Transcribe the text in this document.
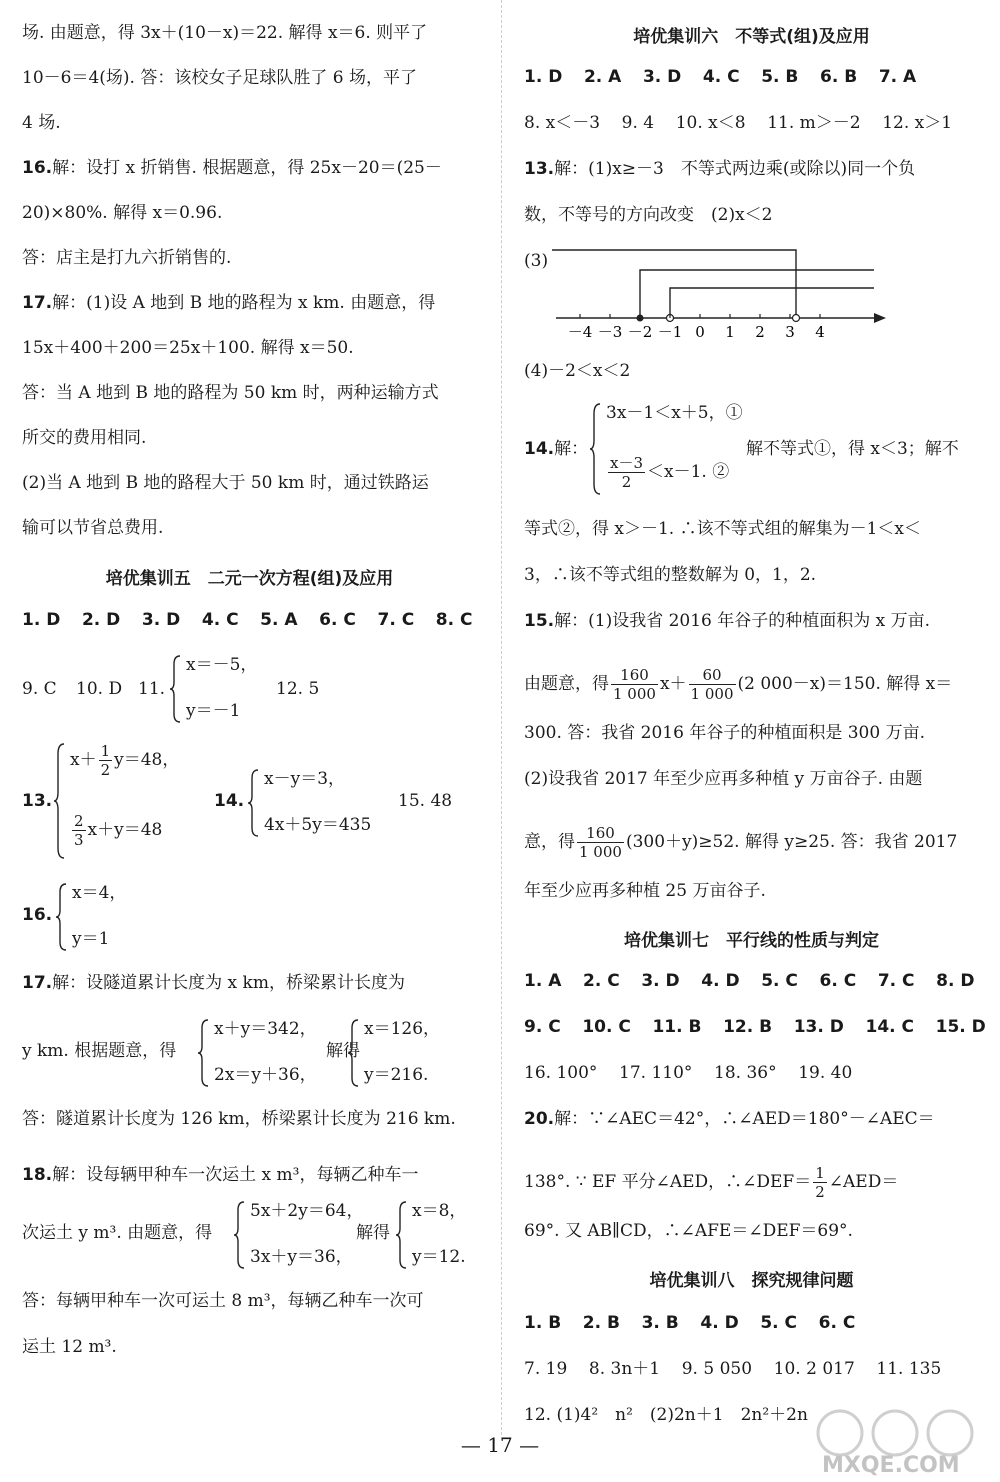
场. 由题意，得 3x＋(10－x)＝22. 解得 x＝6. 则平了
10－6＝4(场). 答：该校女子足球队胜了 6 场，平了
4 场.
16.解：设打 x 折销售. 根据题意，得 25x－20＝(25－
20)×80%. 解得 x＝0.96.
答：店主是打九六折销售的.
17.解：(1)设 A 地到 B 地的路程为 x km. 由题意，得
15x＋400＋200＝25x＋100. 解得 x＝50.
答：当 A 地到 B 地的路程为 50 km 时，两种运输方式
所交的费用相同.
(2)当 A 地到 B 地的路程大于 50 km 时，通过铁路运
输可以节省总费用.
培优集训五　二元一次方程(组)及应用
1. D 2. D 3. D 4. C 5. A 6. C 7. C 8. C
9. C 10. D 11.
x＝－5，
y＝－1
12. 5
13.
$x+ \frac{1}{2} y=48$，
$\frac{2}{3} x+y=48$
14.
x－y＝3，
4x＋5y＝435
15. 48
16.
x＝4，
y＝1
17.解：设隧道累计长度为 x km，桥梁累计长度为
y km. 根据题意，得
x＋y＝342，
2x＝y＋36，
解得
x＝126，
y＝216.
答：隧道累计长度为 126 km，桥梁累计长度为 216 km.
18.解：设每辆甲种车一次运土 x m³，每辆乙种车一
次运土 y m³. 由题意，得
5x＋2y＝64，
3x＋y＝36，
解得
x＝8，
y＝12.
答：每辆甲种车一次可运土 8 m³，每辆乙种车一次可
运土 12 m³.
培优集训六　不等式(组)及应用
1. D 2. A 3. D 4. C 5. B 6. B 7. A
8. x＜－3 9. 4 10. x＜8 11. m＞－2 12. x＞1
13.解：(1)x≥－3　不等式两边乘(或除以)同一个负
数，不等号的方向改变　(2)x＜2
(3)
－4 －3 －2 －1 0 1 2 3 4
(4)－2＜x＜2
14.解：
3x－1＜x＋5，①
$\frac{x-3}{2} <x-1$. ②
解不等式①，得 x＜3；解不
等式②，得 x＞－1. ∴该不等式组的解集为－1＜x＜
3，∴该不等式组的整数解为 0，1，2.
15.解：(1)设我省 2016 年谷子的种植面积为 x 万亩.
由题意，得 $\frac{160}{1 000} x+ \frac{60}{1 000} (2$ 000－x)＝150. 解得 x＝
300. 答：我省 2016 年谷子的种植面积是 300 万亩.
(2)设我省 2017 年至少应再多种植 y 万亩谷子. 由题
意，得 $\frac{160}{1 000} (300+y)\ge 52$. 解得 y≥25. 答：我省 2017
年至少应再多种植 25 万亩谷子.
培优集训七　平行线的性质与判定
1. A 2. C 3. D 4. D 5. C 6. C 7. C 8. D
9. C 10. C 11. B 12. B 13. D 14. C 15. D
16. 100° 17. 110° 18. 36° 19. 40
20.解：∵∠AEC＝42°，∴∠AED＝180°－∠AEC＝
138°. ∵ EF 平分∠AED，∴∠DEF＝ $\frac{1}{2}$ ∠AED＝
69°. 又 AB∥CD，∴∠AFE＝∠DEF＝69°.
培优集训八　探究规律问题
1. B 2. B 3. B 4. D 5. C 6. C
7. 19 8. 3n＋1 9. 5 050 10. 2 017 11. 135
12. (1)4²　n²　(2)2n＋1　2n²＋2n
— 17 —
MXQE.COM
